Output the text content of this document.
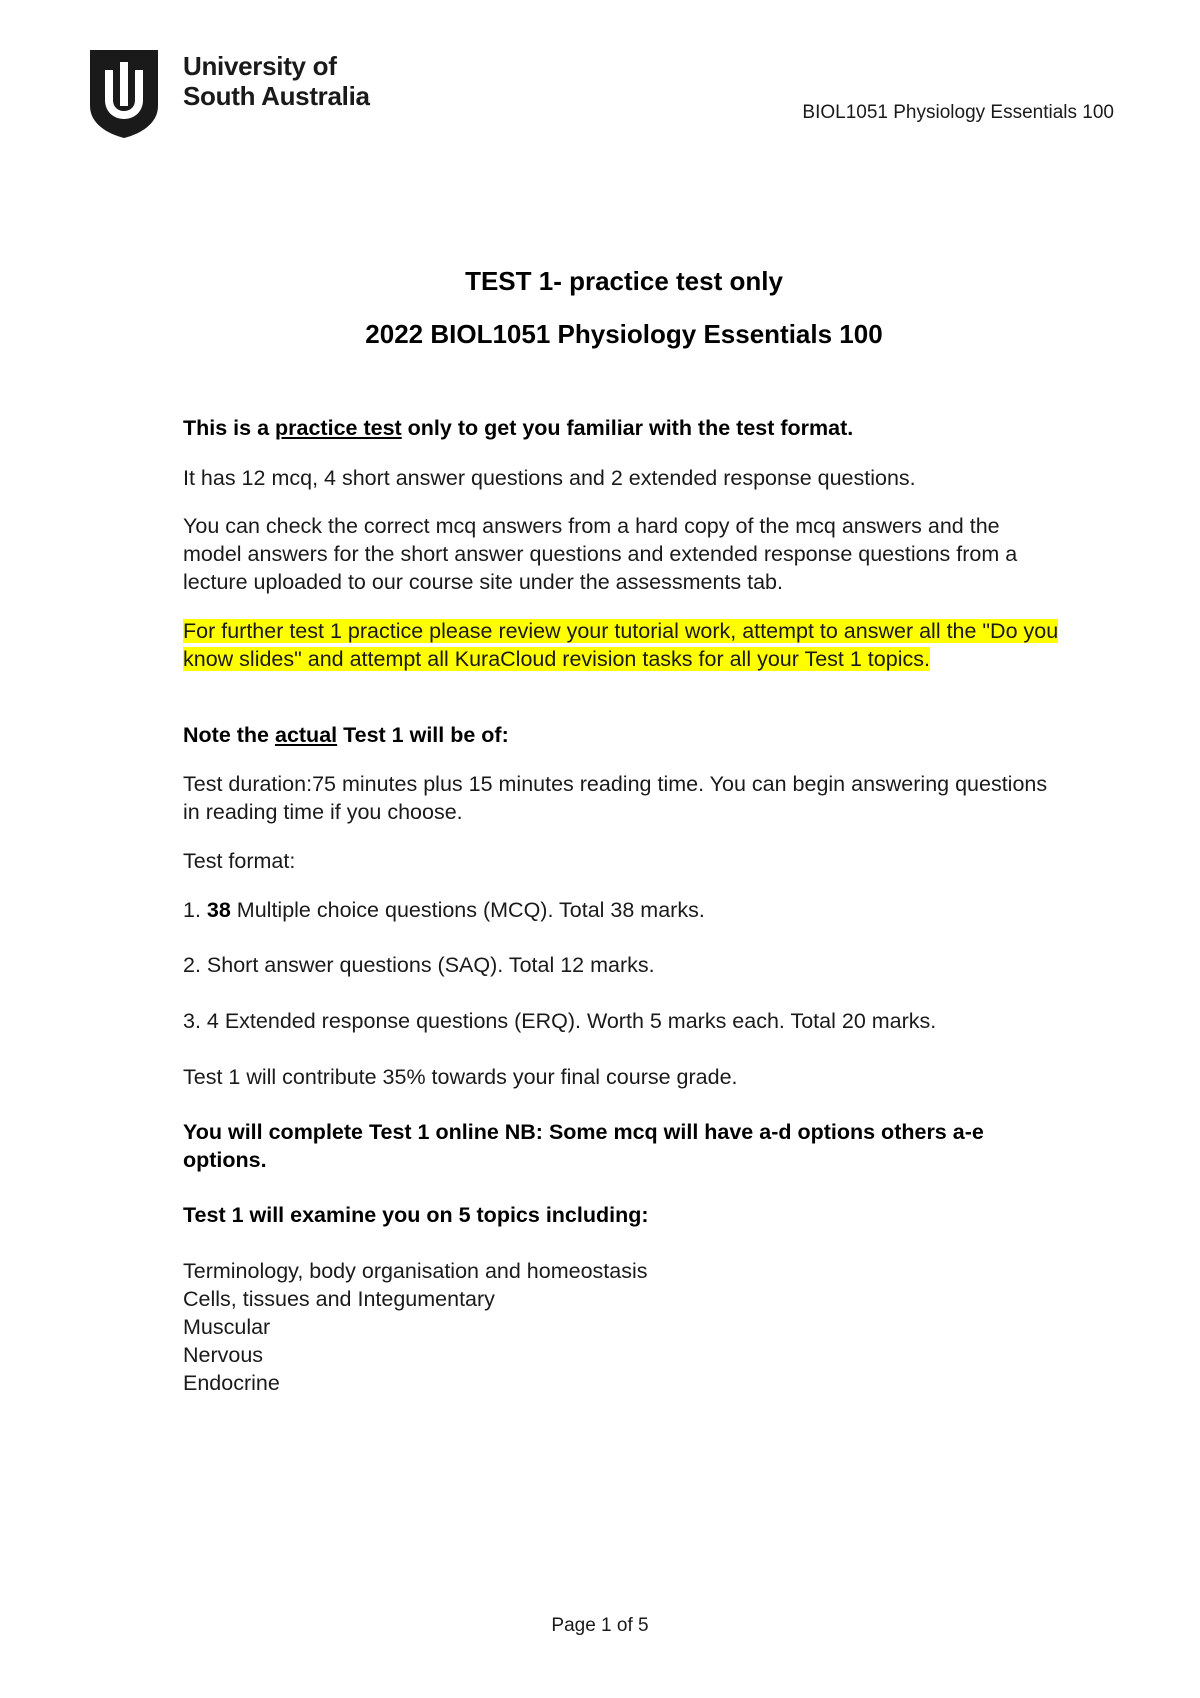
University of
South Australia
BIOL1051 Physiology Essentials 100
TEST 1- practice test only
2022 BIOL1051 Physiology Essentials 100

This is a practice test only to get you familiar with the test format.

It has 12 mcq, 4 short answer questions and 2 extended response questions.

You can check the correct mcq answers from a hard copy of the mcq answers and the model answers for the short answer questions and extended response questions from a lecture uploaded to our course site under the assessments tab.

For further test 1 practice please review your tutorial work, attempt to answer all the "Do you know slides" and attempt all KuraCloud revision tasks for all your Test 1 topics.

Note the actual Test 1 will be of:

Test duration:75 minutes plus 15 minutes reading time. You can begin answering questions in reading time if you choose.

Test format:

1. 38 Multiple choice questions (MCQ). Total 38 marks.

2. Short answer questions (SAQ). Total 12 marks.

3. 4 Extended response questions (ERQ). Worth 5 marks each. Total 20 marks.

Test 1 will contribute 35% towards your final course grade.

You will complete Test 1 online NB: Some mcq will have a-d options others a-e options.

Test 1 will examine you on 5 topics including:

Terminology, body organisation and homeostasis
Cells, tissues and Integumentary
Muscular
Nervous
Endocrine
Page 1 of 5
